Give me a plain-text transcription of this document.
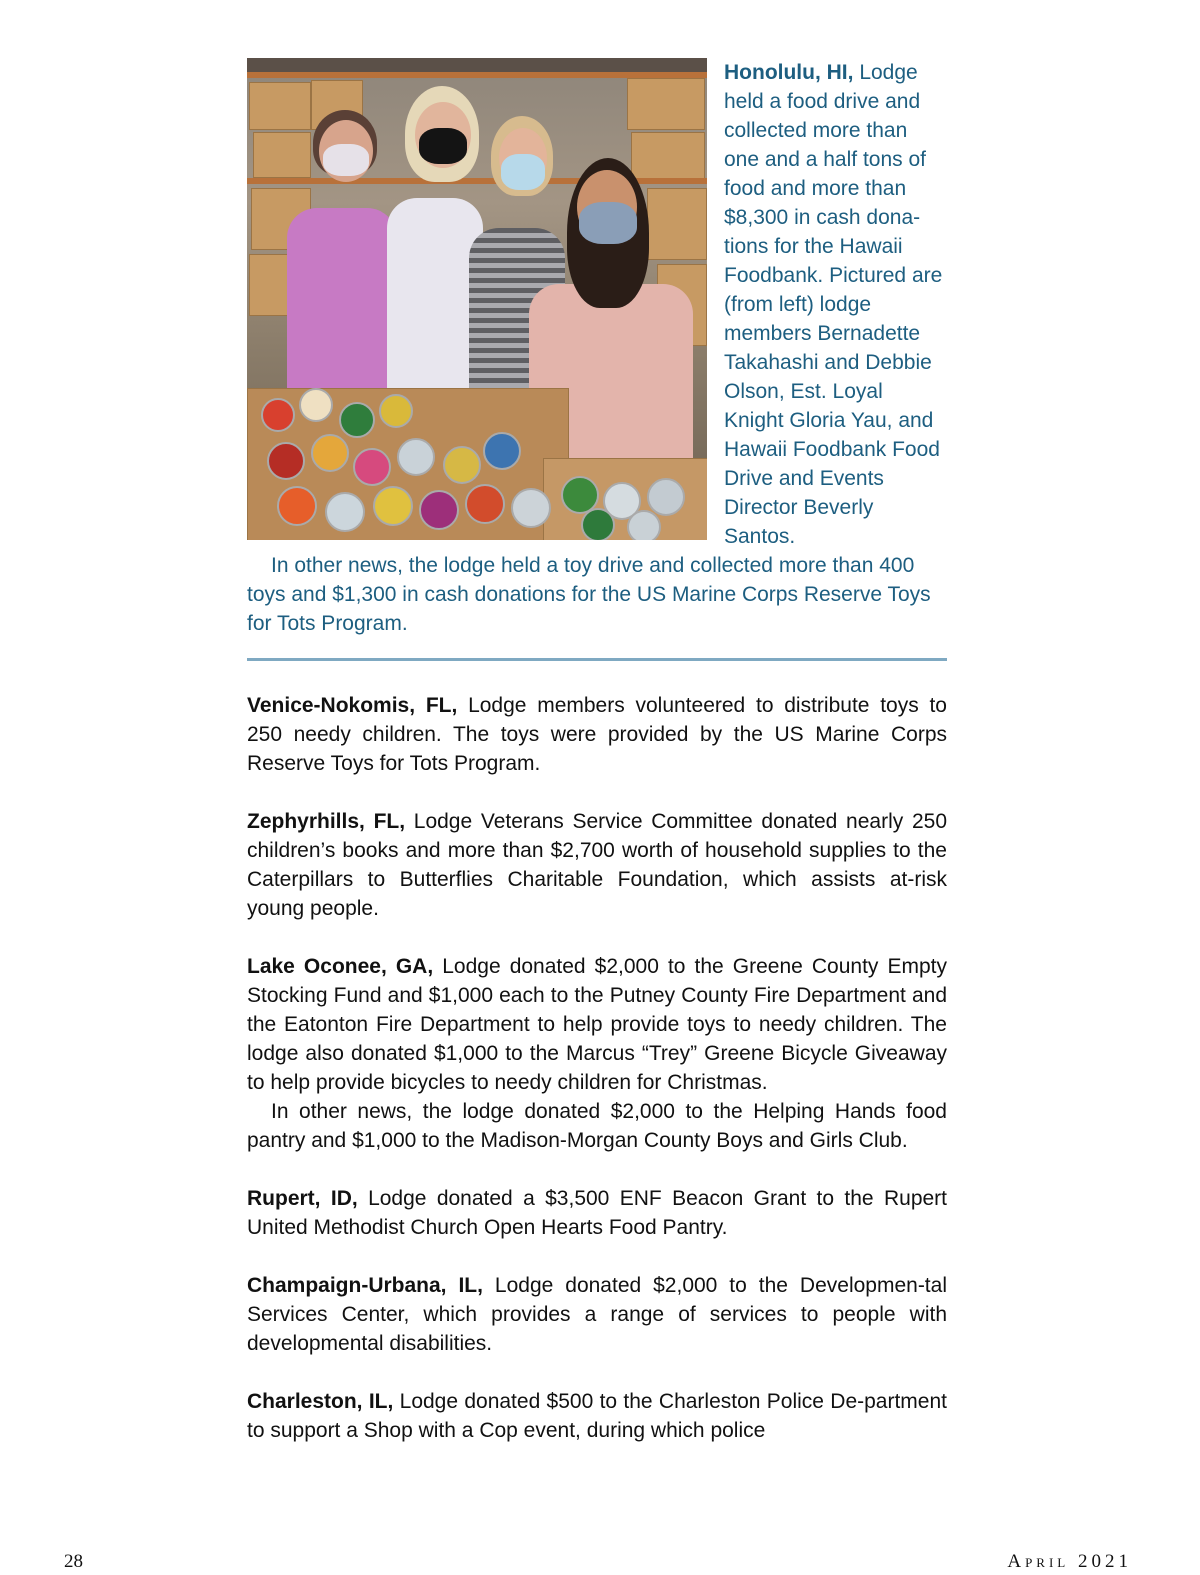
Honolulu, HI, Lodge held a food drive and collected more than one and a half tons of food and more than $8,300 in cash dona-tions for the Hawaii Foodbank. Pictured are (from left) lodge members Bernadette Takahashi and Debbie Olson, Est. Loyal Knight Gloria Yau, and Hawaii Foodbank Food Drive and Events Director Beverly Santos.

In other news, the lodge held a toy drive and collected more than 400 toys and $1,300 in cash donations for the US Marine Corps Reserve Toys for Tots Program.

Venice-Nokomis, FL, Lodge members volunteered to distribute toys to 250 needy children. The toys were provided by the US Marine Corps Reserve Toys for Tots Program.

Zephyrhills, FL, Lodge Veterans Service Committee donated nearly 250 children’s books and more than $2,700 worth of household supplies to the Caterpillars to Butterflies Charitable Foundation, which assists at-risk young people.

Lake Oconee, GA, Lodge donated $2,000 to the Greene County Empty Stocking Fund and $1,000 each to the Putney County Fire Department and the Eatonton Fire Department to help provide toys to needy children. The lodge also donated $1,000 to the Marcus “Trey” Greene Bicycle Giveaway to help provide bicycles to needy children for Christmas.

In other news, the lodge donated $2,000 to the Helping Hands food pantry and $1,000 to the Madison-Morgan County Boys and Girls Club.

Rupert, ID, Lodge donated a $3,500 ENF Beacon Grant to the Rupert United Methodist Church Open Hearts Food Pantry.

Champaign-Urbana, IL, Lodge donated $2,000 to the Developmen-tal Services Center, which provides a range of services to people with developmental disabilities.

Charleston, IL, Lodge donated $500 to the Charleston Police De-partment to support a Shop with a Cop event, during which police

28	April 2021
